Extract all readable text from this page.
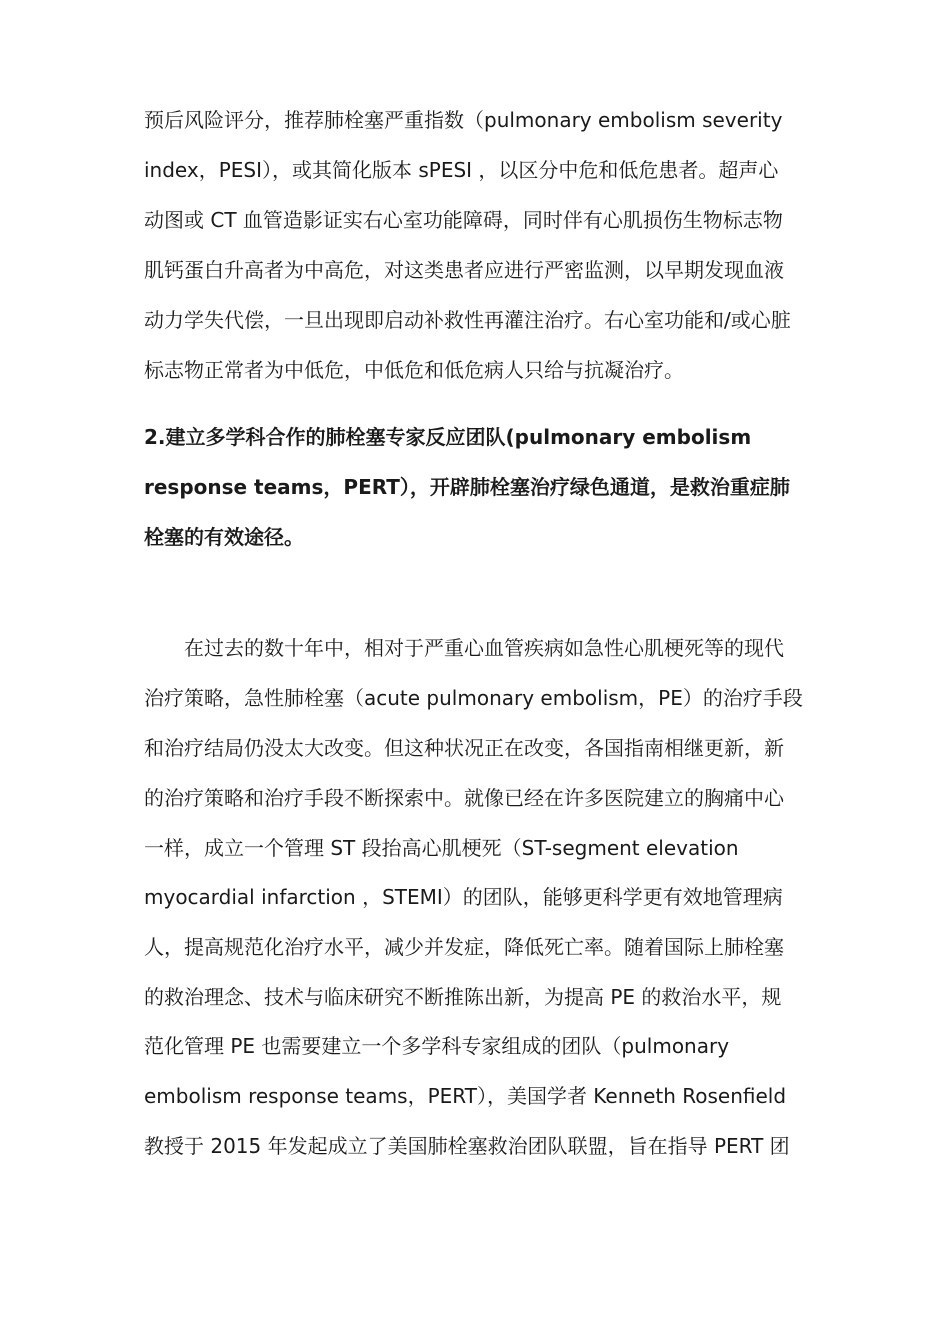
预后风险评分，推荐肺栓塞严重指数（pulmonary embolism severity
index，PESI），或其简化版本 sPESI ，以区分中危和低危患者。超声心
动图或 CT 血管造影证实右心室功能障碍，同时伴有心肌损伤生物标志物
肌钙蛋白升高者为中高危，对这类患者应进行严密监测，以早期发现血液
动力学失代偿，一旦出现即启动补救性再灌注治疗。右心室功能和/或心脏
标志物正常者为中低危，中低危和低危病人只给与抗凝治疗。
2.建立多学科合作的肺栓塞专家反应团队(pulmonary embolism
response teams，PERT），开辟肺栓塞治疗绿色通道，是救治重症肺
栓塞的有效途径。
在过去的数十年中，相对于严重心血管疾病如急性心肌梗死等的现代
治疗策略，急性肺栓塞（acute pulmonary embolism，PE）的治疗手段
和治疗结局仍没太大改变。但这种状况正在改变，各国指南相继更新，新
的治疗策略和治疗手段不断探索中。就像已经在许多医院建立的胸痛中心
一样，成立一个管理 ST 段抬高心肌梗死（ST-segment elevation
myocardial infarction ，STEMI）的团队，能够更科学更有效地管理病
人，提高规范化治疗水平，减少并发症，降低死亡率。随着国际上肺栓塞
的救治理念、技术与临床研究不断推陈出新，为提高 PE 的救治水平，规
范化管理 PE 也需要建立一个多学科专家组成的团队（pulmonary
embolism response teams，PERT），美国学者 Kenneth Rosenfield
教授于 2015 年发起成立了美国肺栓塞救治团队联盟，旨在指导 PERT 团
